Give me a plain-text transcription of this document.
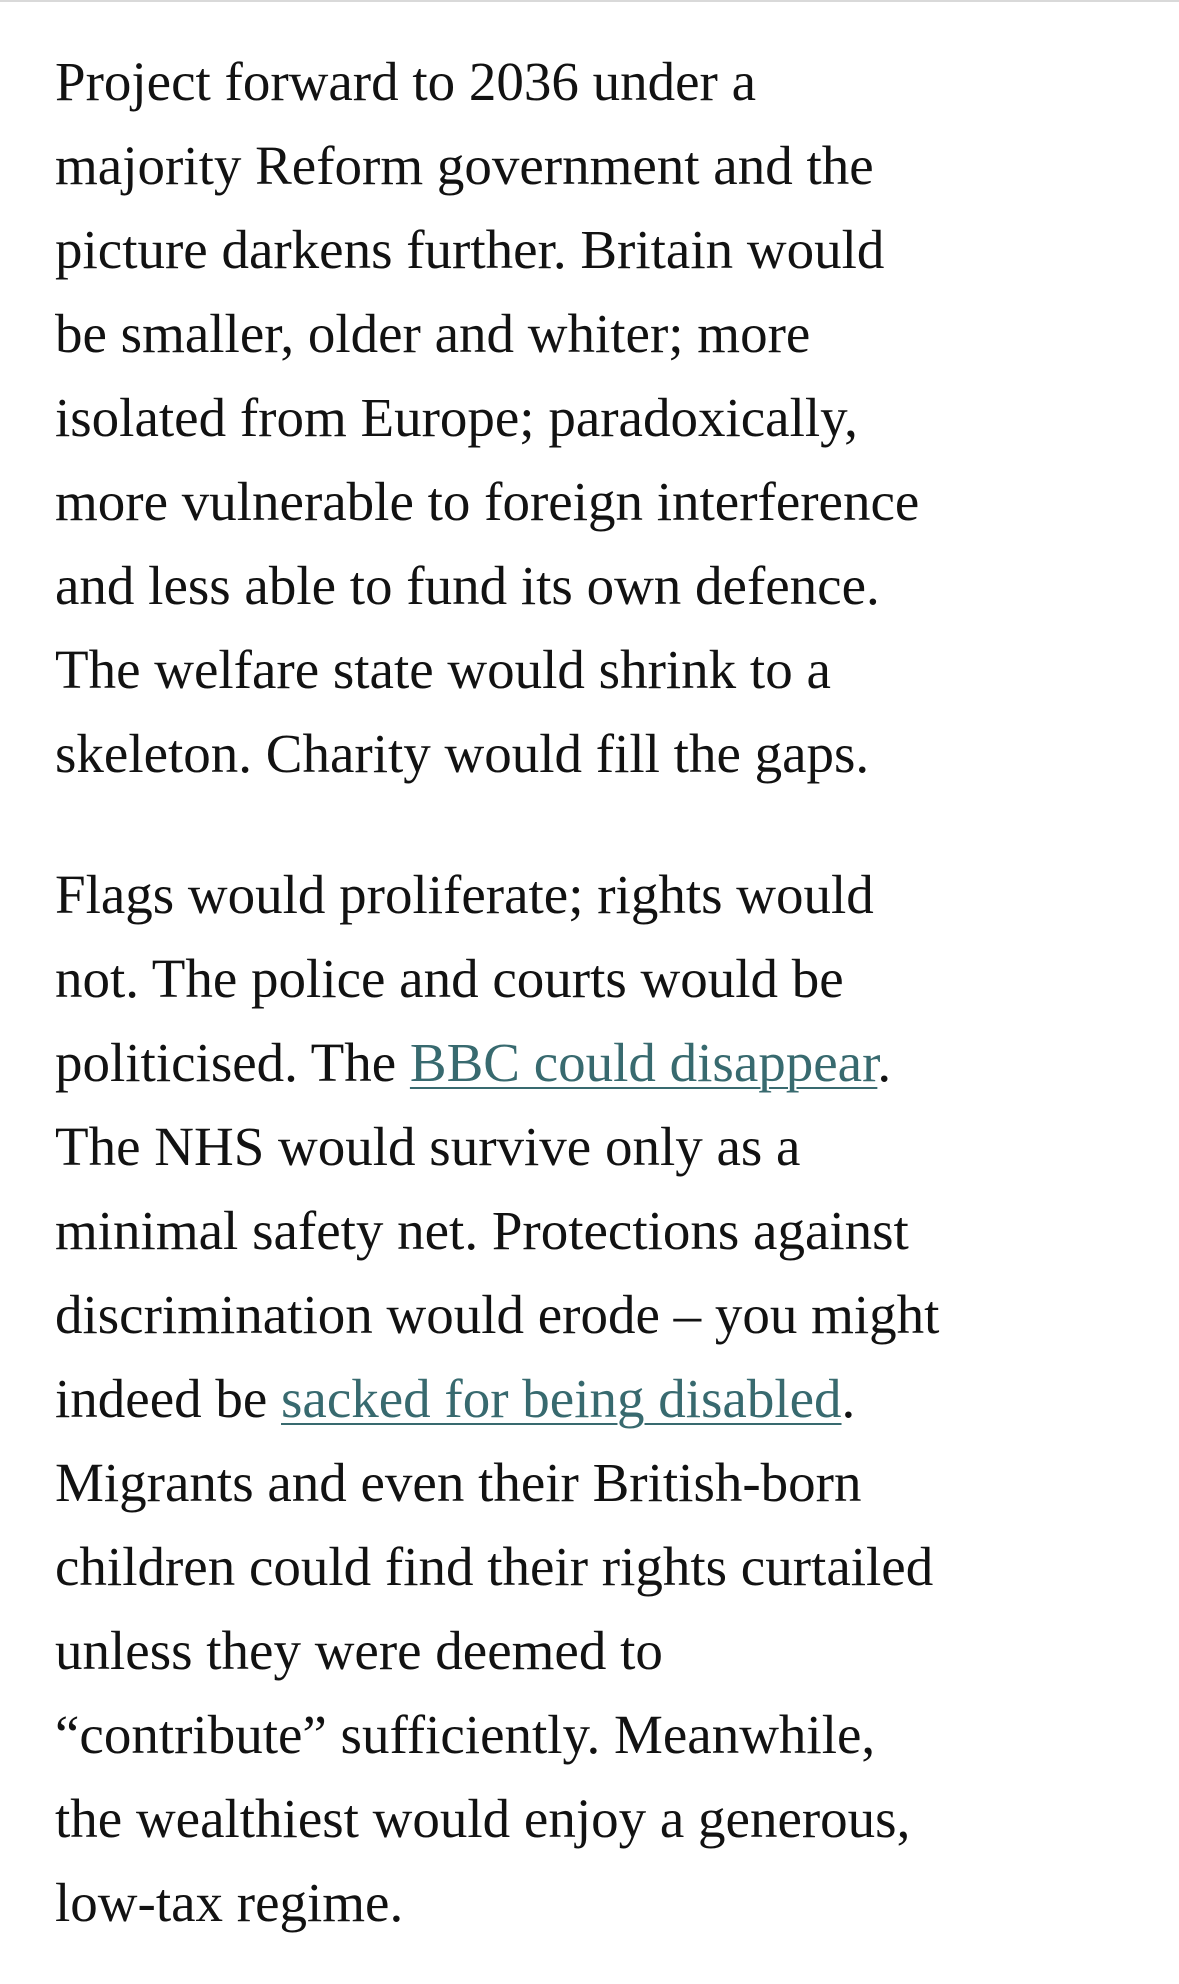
Project forward to 2036 under a
majority Reform government and the
picture darkens further. Britain would
be smaller, older and whiter; more
isolated from Europe; paradoxically,
more vulnerable to foreign interference
and less able to fund its own defence.
The welfare state would shrink to a
skeleton. Charity would fill the gaps.

Flags would proliferate; rights would
not. The police and courts would be
politicised. The BBC could disappear.
The NHS would survive only as a
minimal safety net. Protections against
discrimination would erode – you might
indeed be sacked for being disabled.
Migrants and even their British-born
children could find their rights curtailed
unless they were deemed to
“contribute” sufficiently. Meanwhile,
the wealthiest would enjoy a generous,
low-tax regime.
